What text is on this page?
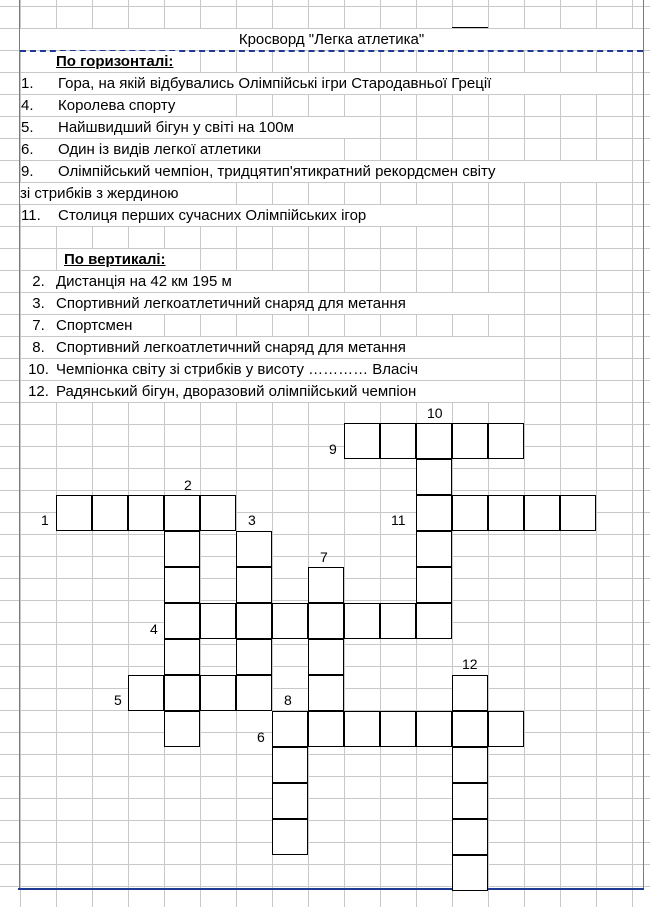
Кросворд "Легка атлетика"
По горизонталі:
1. Гора, на якій відбувались Олімпійські ігри Стародавньої Греції
4. Королева спорту
5. Найшвидший бігун у світі на 100м
6. Один із видів легкої атлетики
9. Олімпійський чемпіон, тридцятип'ятикратний рекордсмен світу
зі стрибків з жердиною
11. Столиця перших сучасних Олімпійських ігор
По вертикалі:
2. Дистанція на 42 км 195 м
3. Спортивний легкоатлетичний снаряд для метання
7. Спортсмен
8. Спортивний легкоатлетичний снаряд для метання
10. Чемпіонка світу зі стрибків у висоту ………… Власіч
12. Радянський бігун, дворазовий олімпійський чемпіон
1
2
3
4
5
6
7
8
9
10
11
12
